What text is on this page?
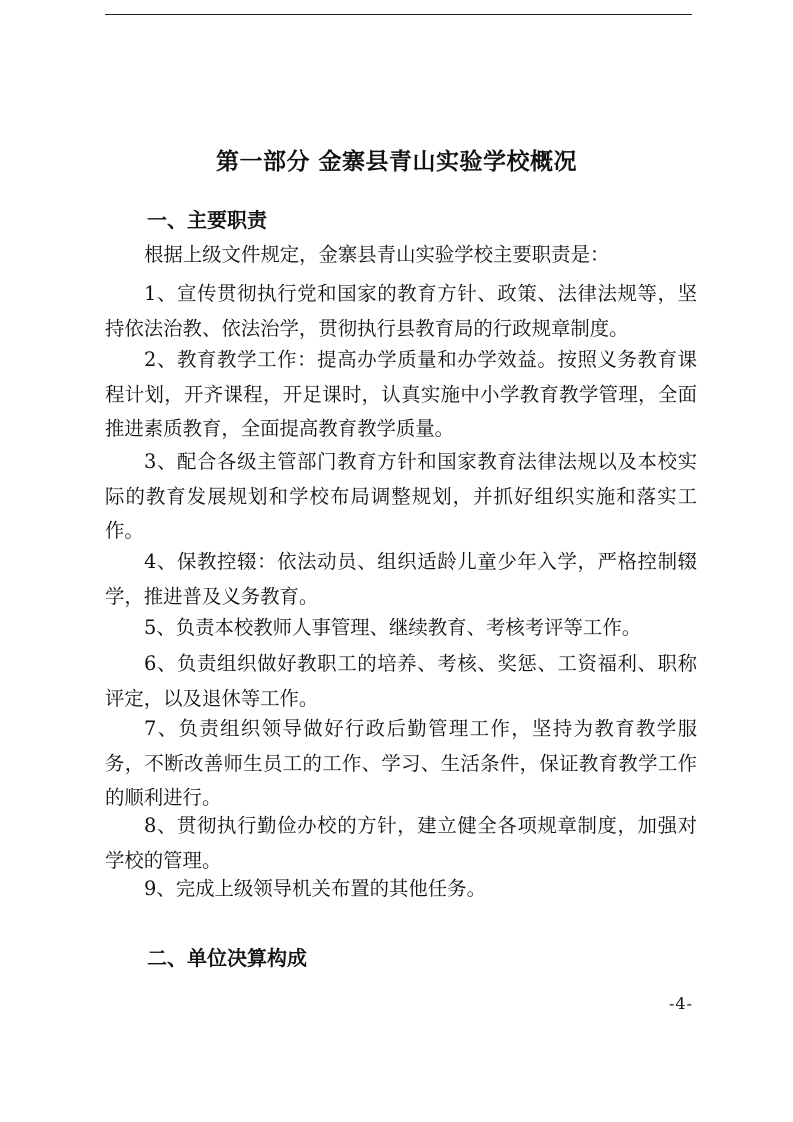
第一部分 金寨县青山实验学校概况
一、主要职责

根据上级文件规定，金寨县青山实验学校主要职责是：

1、宣传贯彻执行党和国家的教育方针、政策、法律法规等，坚持依法治教、依法治学，贯彻执行县教育局的行政规章制度。

2、教育教学工作：提高办学质量和办学效益。按照义务教育课程计划，开齐课程，开足课时，认真实施中小学教育教学管理，全面推进素质教育，全面提高教育教学质量。

3、配合各级主管部门教育方针和国家教育法律法规以及本校实际的教育发展规划和学校布局调整规划，并抓好组织实施和落实工作。

4、保教控辍：依法动员、组织适龄儿童少年入学，严格控制辍学，推进普及义务教育。

5、负责本校教师人事管理、继续教育、考核考评等工作。

6、负责组织做好教职工的培养、考核、奖惩、工资福利、职称评定，以及退休等工作。

7、负责组织领导做好行政后勤管理工作，坚持为教育教学服务，不断改善师生员工的工作、学习、生活条件，保证教育教学工作的顺利进行。

8、贯彻执行勤俭办校的方针，建立健全各项规章制度，加强对学校的管理。

9、完成上级领导机关布置的其他任务。

二、单位决算构成
-4-
